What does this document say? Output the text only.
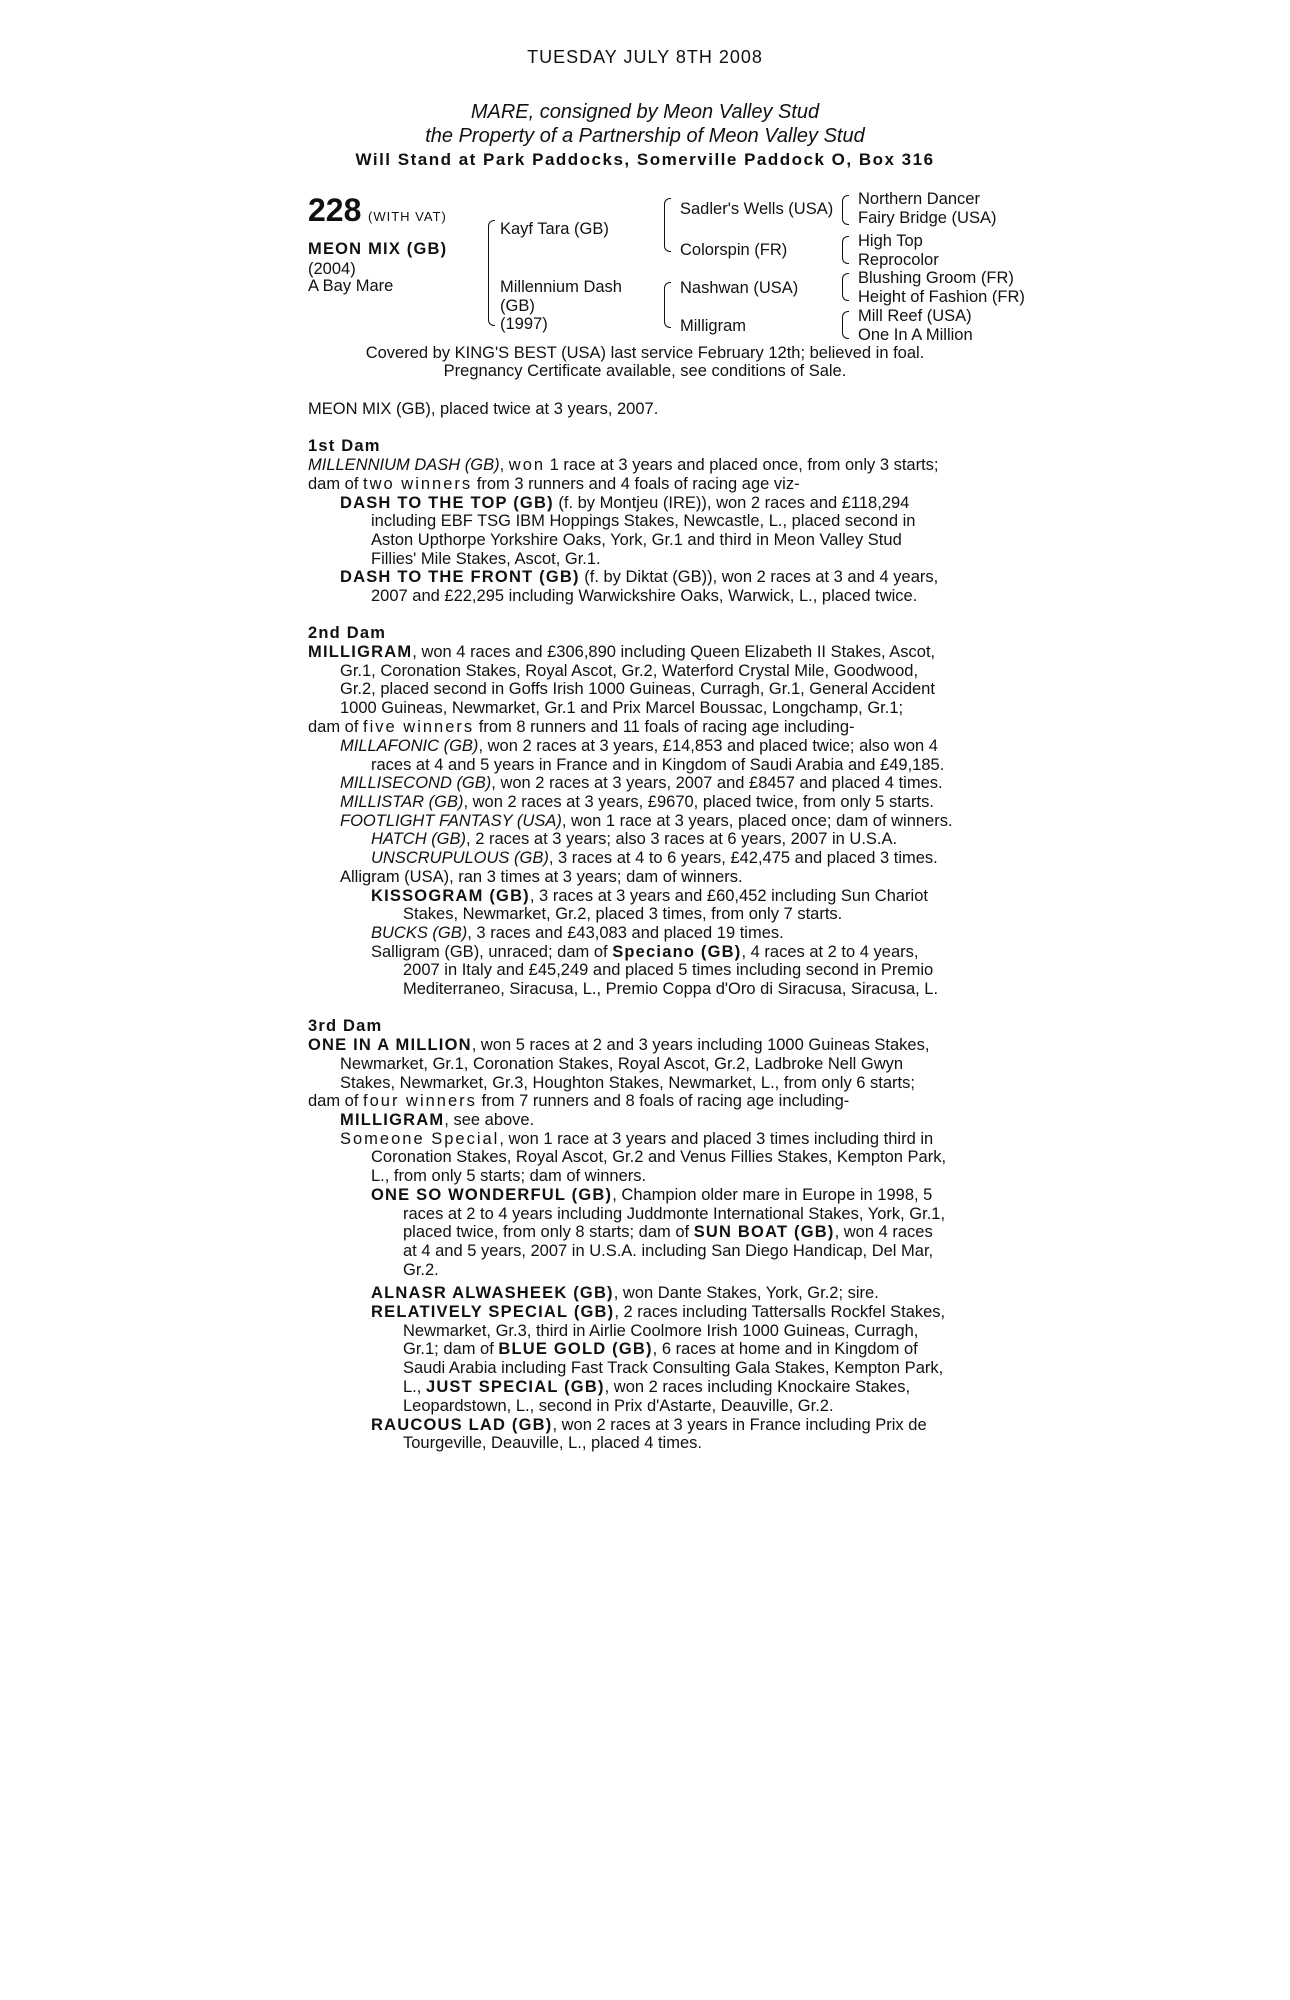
TUESDAY JULY 8TH 2008
MARE, consigned by Meon Valley Stud
the Property of a Partnership of Meon Valley Stud
Will Stand at Park Paddocks, Somerville Paddock O, Box 316
228 (WITH VAT)
MEON MIX (GB)
(2004)
A Bay Mare
Kayf Tara (GB)
Millennium Dash
(GB)
(1997)
Sadler's Wells (USA)
Colorspin (FR)
Nashwan (USA)
Milligram
Northern Dancer
Fairy Bridge (USA)
High Top
Reprocolor
Blushing Groom (FR)
Height of Fashion (FR)
Mill Reef (USA)
One In A Million
Covered by KING'S BEST (USA) last service February 12th; believed in foal.
Pregnancy Certificate available, see conditions of Sale.
MEON MIX (GB), placed twice at 3 years, 2007.
1st Dam
MILLENNIUM DASH (GB), won 1 race at 3 years and placed once, from only 3 starts;
dam of two winners from 3 runners and 4 foals of racing age viz-
DASH TO THE TOP (GB) (f. by Montjeu (IRE)), won 2 races and £118,294
including EBF TSG IBM Hoppings Stakes, Newcastle, L., placed second in
Aston Upthorpe Yorkshire Oaks, York, Gr.1 and third in Meon Valley Stud
Fillies' Mile Stakes, Ascot, Gr.1.
DASH TO THE FRONT (GB) (f. by Diktat (GB)), won 2 races at 3 and 4 years,
2007 and £22,295 including Warwickshire Oaks, Warwick, L., placed twice.
2nd Dam
MILLIGRAM, won 4 races and £306,890 including Queen Elizabeth II Stakes, Ascot,
Gr.1, Coronation Stakes, Royal Ascot, Gr.2, Waterford Crystal Mile, Goodwood,
Gr.2, placed second in Goffs Irish 1000 Guineas, Curragh, Gr.1, General Accident
1000 Guineas, Newmarket, Gr.1 and Prix Marcel Boussac, Longchamp, Gr.1;
dam of five winners from 8 runners and 11 foals of racing age including-
MILLAFONIC (GB), won 2 races at 3 years, £14,853 and placed twice; also won 4
races at 4 and 5 years in France and in Kingdom of Saudi Arabia and £49,185.
MILLISECOND (GB), won 2 races at 3 years, 2007 and £8457 and placed 4 times.
MILLISTAR (GB), won 2 races at 3 years, £9670, placed twice, from only 5 starts.
FOOTLIGHT FANTASY (USA), won 1 race at 3 years, placed once; dam of winners.
HATCH (GB), 2 races at 3 years; also 3 races at 6 years, 2007 in U.S.A.
UNSCRUPULOUS (GB), 3 races at 4 to 6 years, £42,475 and placed 3 times.
Alligram (USA), ran 3 times at 3 years; dam of winners.
KISSOGRAM (GB), 3 races at 3 years and £60,452 including Sun Chariot
Stakes, Newmarket, Gr.2, placed 3 times, from only 7 starts.
BUCKS (GB), 3 races and £43,083 and placed 19 times.
Salligram (GB), unraced; dam of Speciano (GB), 4 races at 2 to 4 years,
2007 in Italy and £45,249 and placed 5 times including second in Premio
Mediterraneo, Siracusa, L., Premio Coppa d'Oro di Siracusa, Siracusa, L.
3rd Dam
ONE IN A MILLION, won 5 races at 2 and 3 years including 1000 Guineas Stakes,
Newmarket, Gr.1, Coronation Stakes, Royal Ascot, Gr.2, Ladbroke Nell Gwyn
Stakes, Newmarket, Gr.3, Houghton Stakes, Newmarket, L., from only 6 starts;
dam of four winners from 7 runners and 8 foals of racing age including-
MILLIGRAM, see above.
Someone Special, won 1 race at 3 years and placed 3 times including third in
Coronation Stakes, Royal Ascot, Gr.2 and Venus Fillies Stakes, Kempton Park,
L., from only 5 starts; dam of winners.
ONE SO WONDERFUL (GB), Champion older mare in Europe in 1998, 5
races at 2 to 4 years including Juddmonte International Stakes, York, Gr.1,
placed twice, from only 8 starts; dam of SUN BOAT (GB), won 4 races
at 4 and 5 years, 2007 in U.S.A. including San Diego Handicap, Del Mar,
Gr.2.
ALNASR ALWASHEEK (GB), won Dante Stakes, York, Gr.2; sire.
RELATIVELY SPECIAL (GB), 2 races including Tattersalls Rockfel Stakes,
Newmarket, Gr.3, third in Airlie Coolmore Irish 1000 Guineas, Curragh,
Gr.1; dam of BLUE GOLD (GB), 6 races at home and in Kingdom of
Saudi Arabia including Fast Track Consulting Gala Stakes, Kempton Park,
L., JUST SPECIAL (GB), won 2 races including Knockaire Stakes,
Leopardstown, L., second in Prix d'Astarte, Deauville, Gr.2.
RAUCOUS LAD (GB), won 2 races at 3 years in France including Prix de
Tourgeville, Deauville, L., placed 4 times.
